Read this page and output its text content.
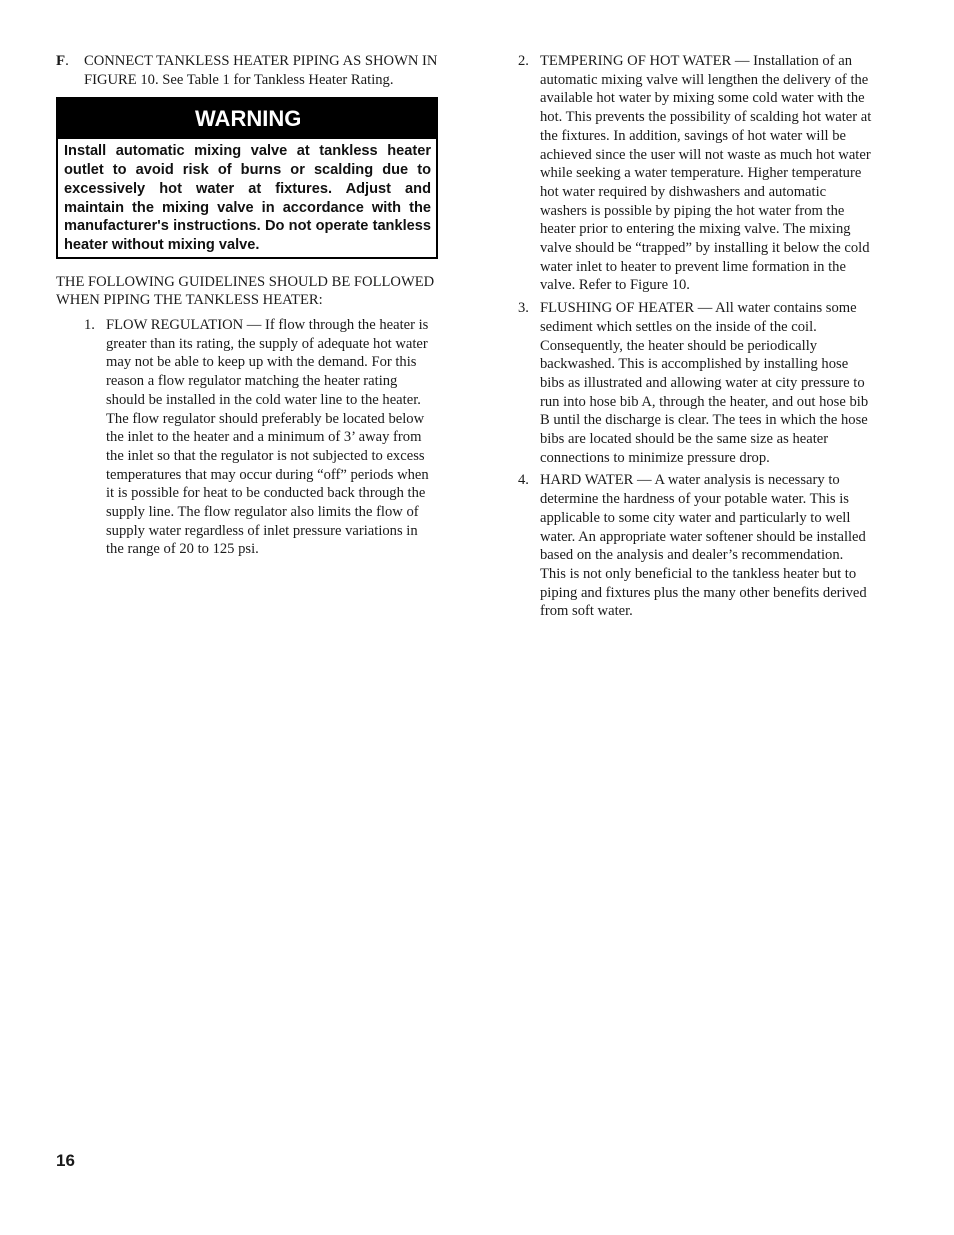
F.	CONNECT TANKLESS HEATER PIPING AS SHOWN IN FIGURE 10. See Table 1 for Tankless Heater Rating.
WARNING
Install automatic mixing valve at tankless heater outlet to avoid risk of burns or scalding due to excessively hot water at fixtures. Adjust and maintain the mixing valve in accordance with the manufacturer's instructions. Do not operate tankless heater without mixing valve.
THE FOLLOWING GUIDELINES SHOULD BE FOLLOWED WHEN PIPING THE TANKLESS HEATER:
1. FLOW REGULATION — If flow through the heater is greater than its rating, the supply of adequate hot water may not be able to keep up with the demand. For this reason a flow regulator matching the heater rating should be installed in the cold water line to the heater. The flow regulator should preferably be located below the inlet to the heater and a minimum of 3’ away from the inlet so that the regulator is not subjected to excess temperatures that may occur during “off” periods when it is possible for heat to be conducted back through the supply line. The flow regulator also limits the flow of supply water regardless of inlet pressure variations in the range of 20 to 125 psi.
2. TEMPERING OF HOT WATER — Installation of an automatic mixing valve will lengthen the delivery of the available hot water by mixing some cold water with the hot. This prevents the possibility of scalding hot water at the fixtures. In addition, savings of hot water will be achieved since the user will not waste as much hot water while seeking a water temperature. Higher temperature hot water required by dishwashers and automatic washers is possible by piping the hot water from the heater prior to entering the mixing valve. The mixing valve should be “trapped” by installing it below the cold water inlet to heater to prevent lime formation in the valve. Refer to Figure 10.
3. FLUSHING OF HEATER — All water contains some sediment which settles on the inside of the coil. Consequently, the heater should be periodically backwashed. This is accomplished by installing hose bibs as illustrated and allowing water at city pressure to run into hose bib A, through the heater, and out hose bib B until the discharge is clear. The tees in which the hose bibs are located should be the same size as heater connections to minimize pressure drop.
4. HARD WATER — A water analysis is necessary to determine the hardness of your potable water. This is applicable to some city water and particularly to well water. An appropriate water softener should be installed based on the analysis and dealer’s recommendation. This is not only beneficial to the tankless heater but to piping and fixtures plus the many other benefits derived from soft water.
16
